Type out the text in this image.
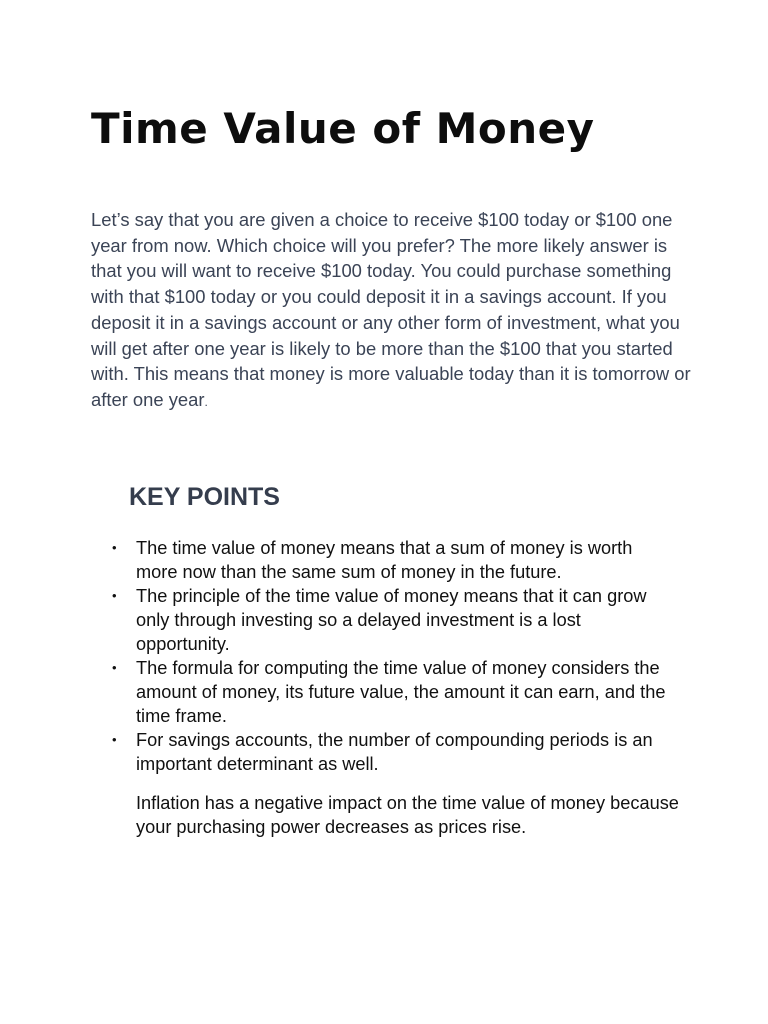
Time Value of Money

Let’s say that you are given a choice to receive $100 today or $100 one year from now. Which choice will you prefer? The more likely answer is that you will want to receive $100 today. You could purchase something with that $100 today or you could deposit it in a savings account. If you deposit it in a savings account or any other form of investment, what you will get after one year is likely to be more than the $100 that you started with. This means that money is more valuable today than it is tomorrow or after one year.

KEY POINTS
• The time value of money means that a sum of money is worth more now than the same sum of money in the future.
• The principle of the time value of money means that it can grow only through investing so a delayed investment is a lost opportunity.
• The formula for computing the time value of money considers the amount of money, its future value, the amount it can earn, and the time frame.
• For savings accounts, the number of compounding periods is an important determinant as well.

Inflation has a negative impact on the time value of money because your purchasing power decreases as prices rise.
